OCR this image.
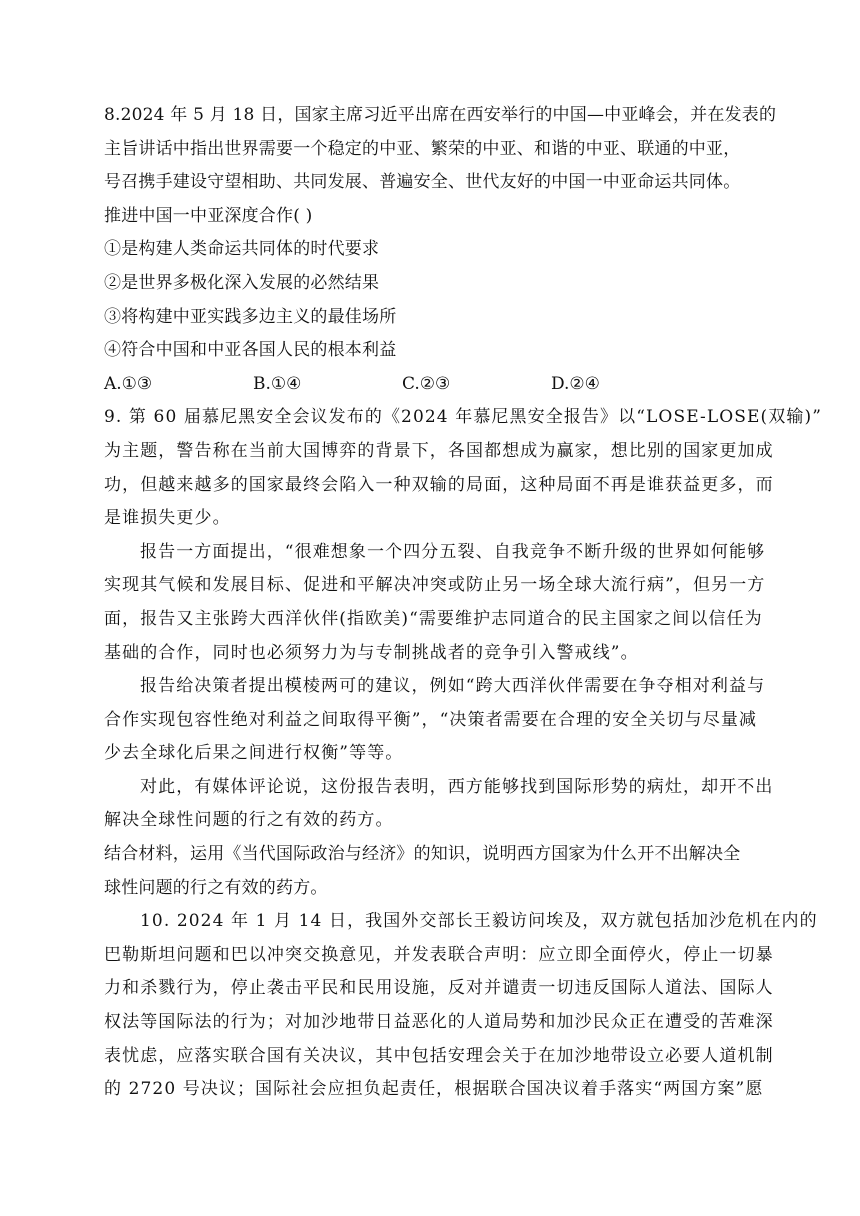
8.2024 年 5 月 18 日，国家主席习近平出席在西安举行的中国—中亚峰会，并在发表的
主旨讲话中指出世界需要一个稳定的中亚、繁荣的中亚、和谐的中亚、联通的中亚，
号召携手建设守望相助、共同发展、普遍安全、世代友好的中国一中亚命运共同体。
推进中国一中亚深度合作( )
①是构建人类命运共同体的时代要求
②是世界多极化深入发展的必然结果
③将构建中亚实践多边主义的最佳场所
④符合中国和中亚各国人民的根本利益
A.①③	B.①④	C.②③	D.②④
9. 第 60 届慕尼黑安全会议发布的《2024 年慕尼黑安全报告》以“LOSE-LOSE(双输)”
为主题，警告称在当前大国博弈的背景下，各国都想成为赢家，想比别的国家更加成
功，但越来越多的国家最终会陷入一种双输的局面，这种局面不再是谁获益更多，而
是谁损失更少。
报告一方面提出，“很难想象一个四分五裂、自我竞争不断升级的世界如何能够
实现其气候和发展目标、促进和平解决冲突或防止另一场全球大流行病”，但另一方
面，报告又主张跨大西洋伙伴(指欧美)“需要维护志同道合的民主国家之间以信任为
基础的合作，同时也必须努力为与专制挑战者的竞争引入警戒线”。
报告给决策者提出模棱两可的建议，例如“跨大西洋伙伴需要在争夺相对利益与
合作实现包容性绝对利益之间取得平衡”，“决策者需要在合理的安全关切与尽量减
少去全球化后果之间进行权衡”等等。
对此，有媒体评论说，这份报告表明，西方能够找到国际形势的病灶，却开不出
解决全球性问题的行之有效的药方。
结合材料，运用《当代国际政治与经济》的知识，说明西方国家为什么开不出解决全
球性问题的行之有效的药方。
10. 2024 年 1 月 14 日，我国外交部长王毅访问埃及，双方就包括加沙危机在内的
巴勒斯坦问题和巴以冲突交换意见，并发表联合声明：应立即全面停火，停止一切暴
力和杀戮行为，停止袭击平民和民用设施，反对并谴责一切违反国际人道法、国际人
权法等国际法的行为；对加沙地带日益恶化的人道局势和加沙民众正在遭受的苦难深
表忧虑，应落实联合国有关决议，其中包括安理会关于在加沙地带设立必要人道机制
的 2720 号决议；国际社会应担负起责任，根据联合国决议着手落实“两国方案”愿
